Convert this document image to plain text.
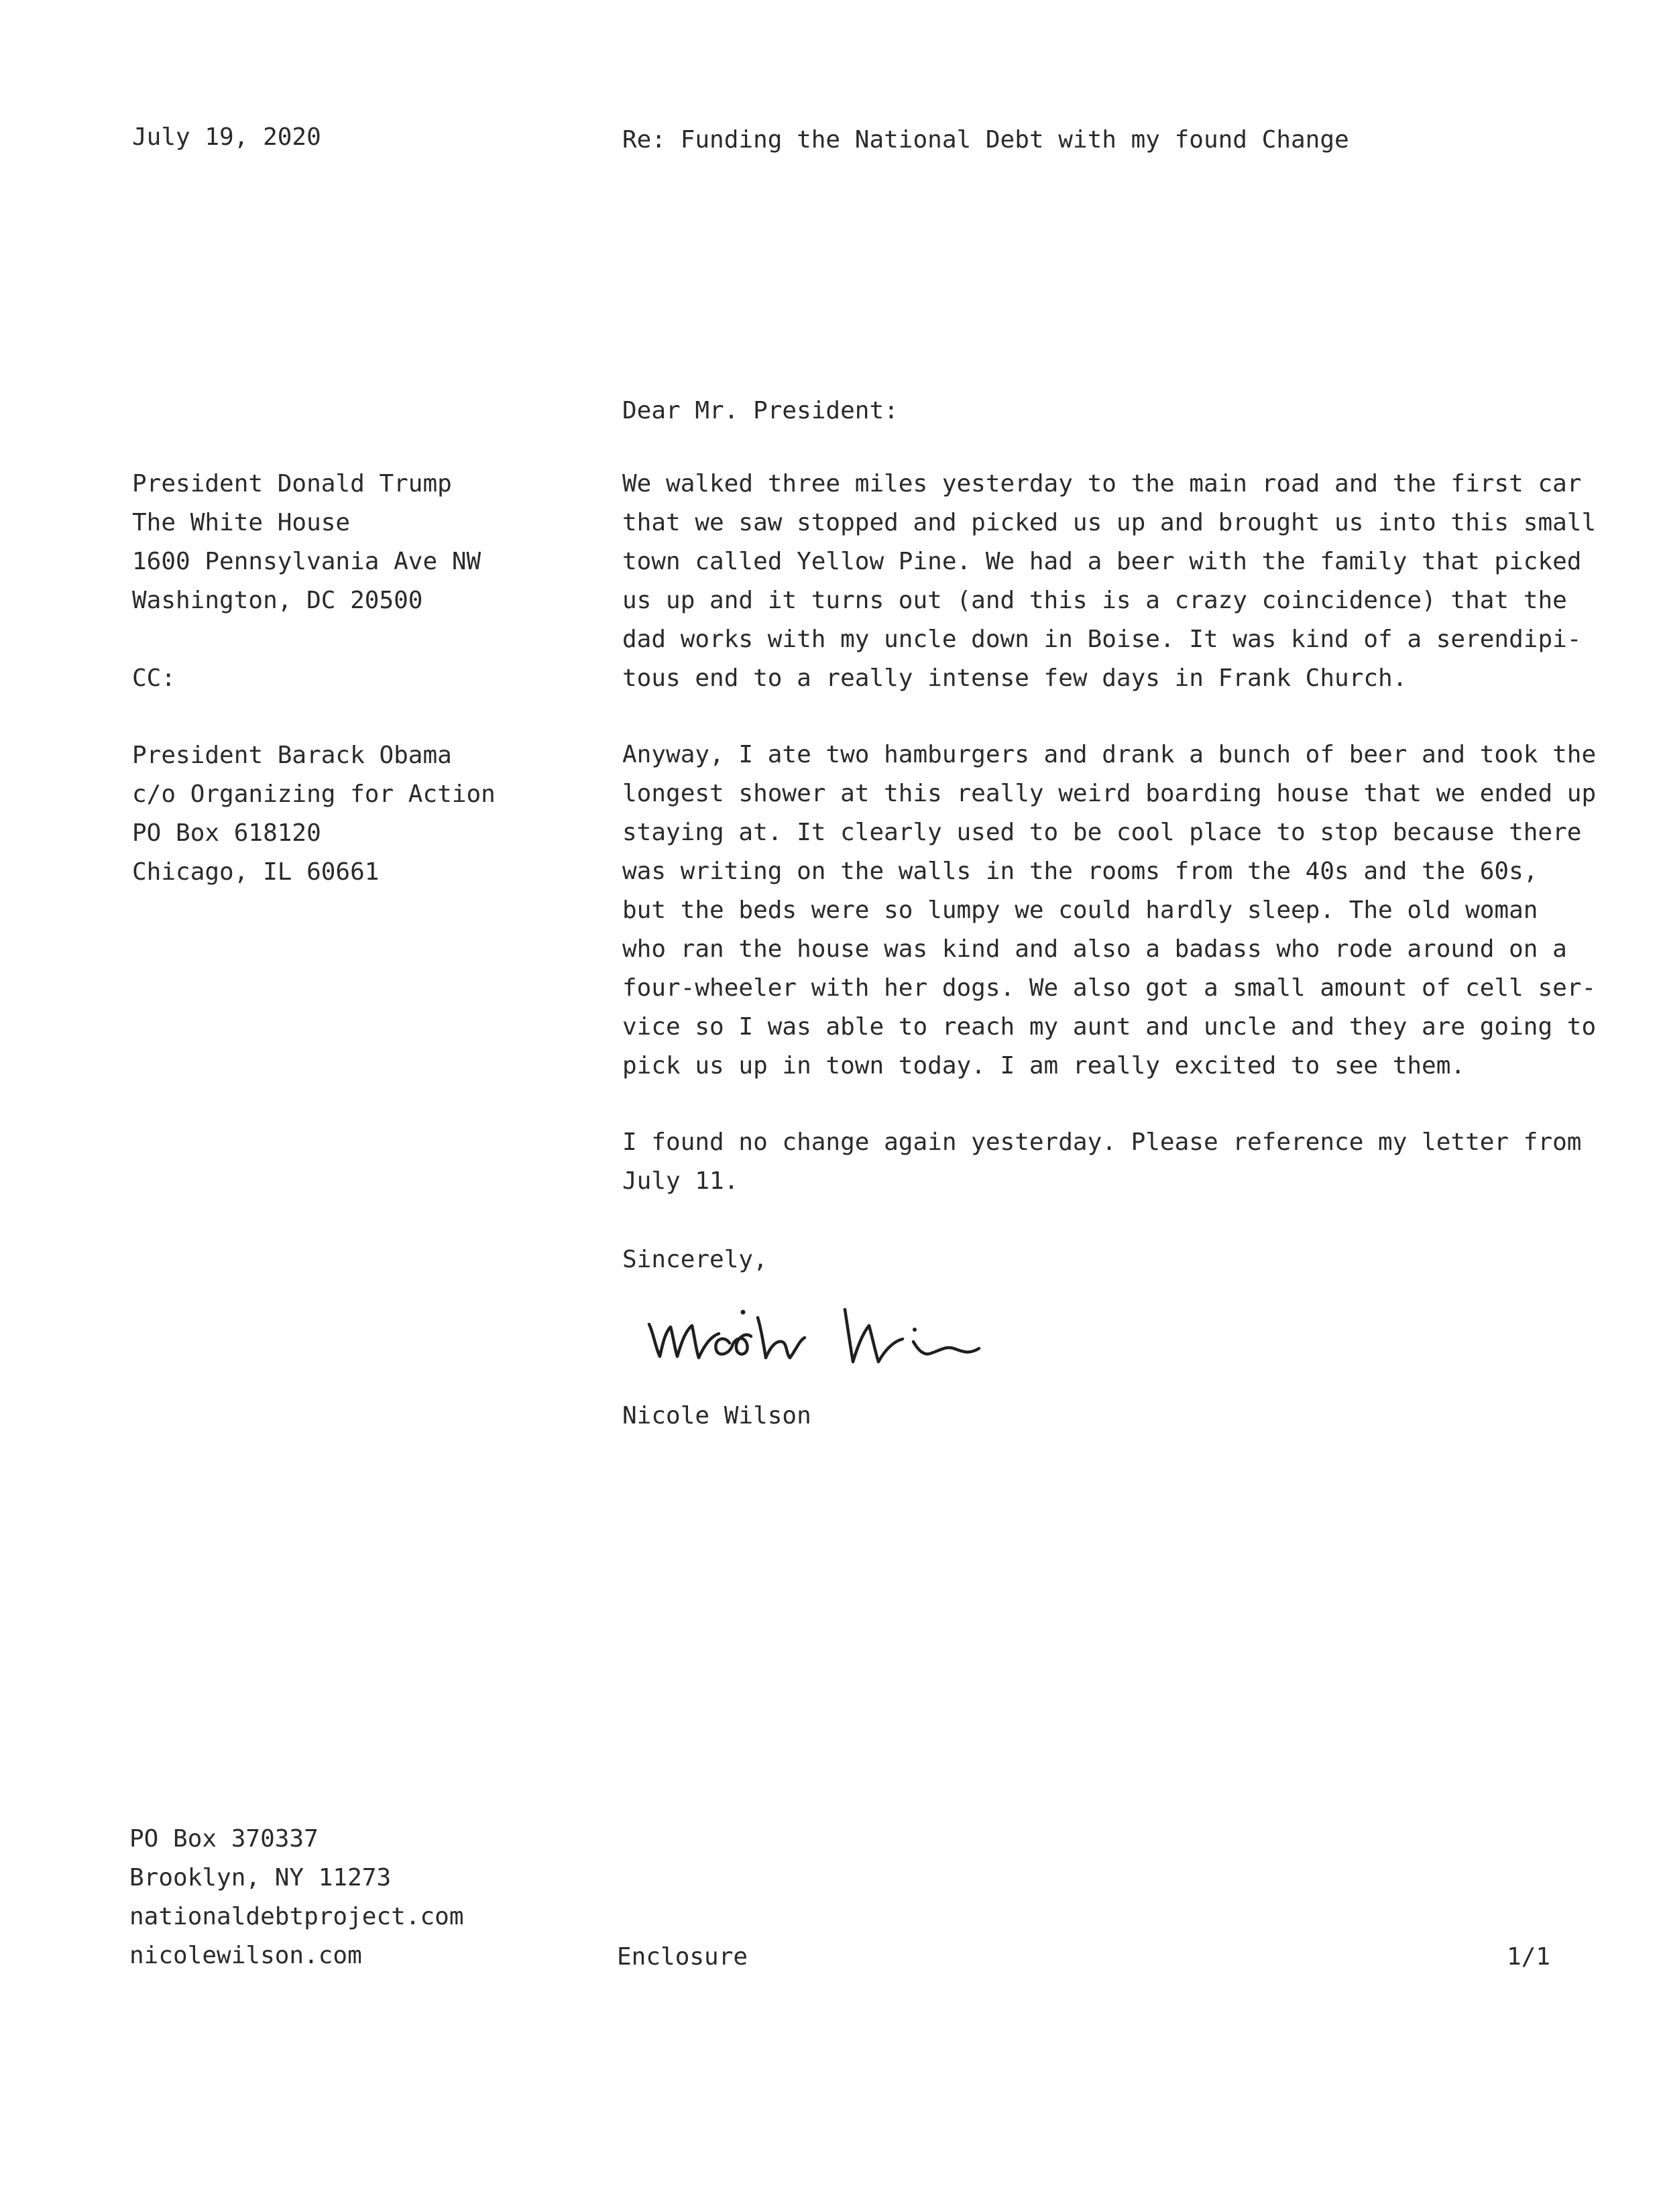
July 19, 2020	Re: Funding the National Debt with my found Change

President Donald Trump
The White House
1600 Pennsylvania Ave NW
Washington, DC 20500

CC:

President Barack Obama
c/o Organizing for Action
PO Box 618120
Chicago, IL 60661

Dear Mr. President:

We walked three miles yesterday to the main road and the first car
that we saw stopped and picked us up and brought us into this small
town called Yellow Pine. We had a beer with the family that picked
us up and it turns out (and this is a crazy coincidence) that the
dad works with my uncle down in Boise. It was kind of a serendipi-
tous end to a really intense few days in Frank Church.
Anyway, I ate two hamburgers and drank a bunch of beer and took the
longest shower at this really weird boarding house that we ended up
staying at. It clearly used to be cool place to stop because there
was writing on the walls in the rooms from the 40s and the 60s,
but the beds were so lumpy we could hardly sleep. The old woman
who ran the house was kind and also a badass who rode around on a
four-wheeler with her dogs. We also got a small amount of cell ser-
vice so I was able to reach my aunt and uncle and they are going to
pick us up in town today. I am really excited to see them.
I found no change again yesterday. Please reference my letter from
July 11.

Sincerely,

Nicole Wilson

PO Box 370337
Brooklyn, NY 11273
nationaldebtproject.com
nicolewilson.com	Enclosure	1/1
